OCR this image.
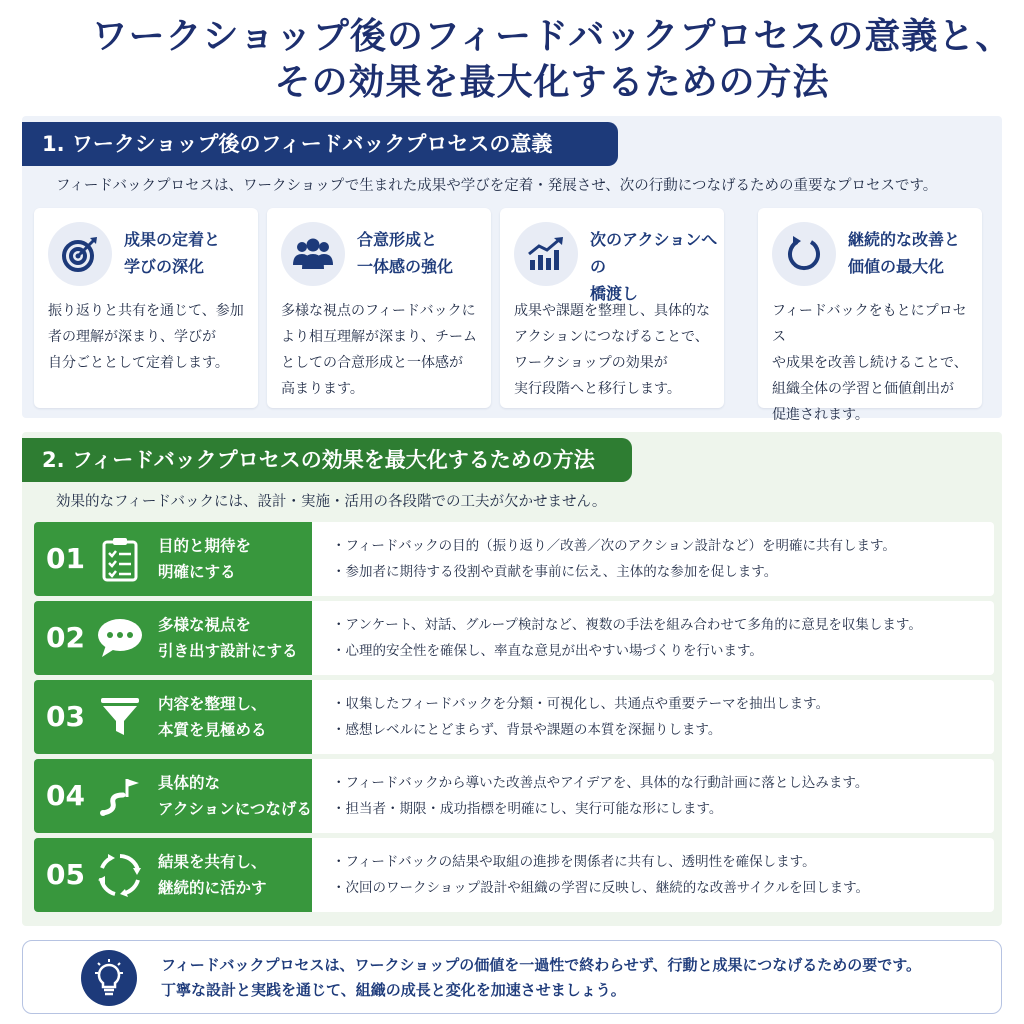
ワークショップ後のフィードバックプロセスの意義と、
その効果を最大化するための方法
1. ワークショップ後のフィードバックプロセスの意義
フィードバックプロセスは、ワークショップで生まれた成果や学びを定着・発展させ、次の行動につなげるための重要なプロセスです。
成果の定着と
学びの深化
振り返りと共有を通じて、参加
者の理解が深まり、学びが
自分ごととして定着します。
合意形成と
一体感の強化
多様な視点のフィードバックに
より相互理解が深まり、チーム
としての合意形成と一体感が
高まります。
次のアクションへの
橋渡し
成果や課題を整理し、具体的な
アクションにつなげることで、
ワークショップの効果が
実行段階へと移行します。
継続的な改善と
価値の最大化
フィードバックをもとにプロセス
や成果を改善し続けることで、
組織全体の学習と価値創出が
促進されます。
2. フィードバックプロセスの効果を最大化するための方法
効果的なフィードバックには、設計・実施・活用の各段階での工夫が欠かせません。
01	目的と期待を
明確にする
・フィードバックの目的（振り返り／改善／次のアクション設計など）を明確に共有します。
・参加者に期待する役割や貢献を事前に伝え、主体的な参加を促します。
02	多様な視点を
引き出す設計にする
・アンケート、対話、グループ検討など、複数の手法を組み合わせて多角的に意見を収集します。
・心理的安全性を確保し、率直な意見が出やすい場づくりを行います。
03	内容を整理し、
本質を見極める
・収集したフィードバックを分類・可視化し、共通点や重要テーマを抽出します。
・感想レベルにとどまらず、背景や課題の本質を深掘りします。
04	具体的な
アクションにつなげる
・フィードバックから導いた改善点やアイデアを、具体的な行動計画に落とし込みます。
・担当者・期限・成功指標を明確にし、実行可能な形にします。
05	結果を共有し、
継続的に活かす
・フィードバックの結果や取組の進捗を関係者に共有し、透明性を確保します。
・次回のワークショップ設計や組織の学習に反映し、継続的な改善サイクルを回します。
フィードバックプロセスは、ワークショップの価値を一過性で終わらせず、行動と成果につなげるための要です。
丁寧な設計と実践を通じて、組織の成長と変化を加速させましょう。
